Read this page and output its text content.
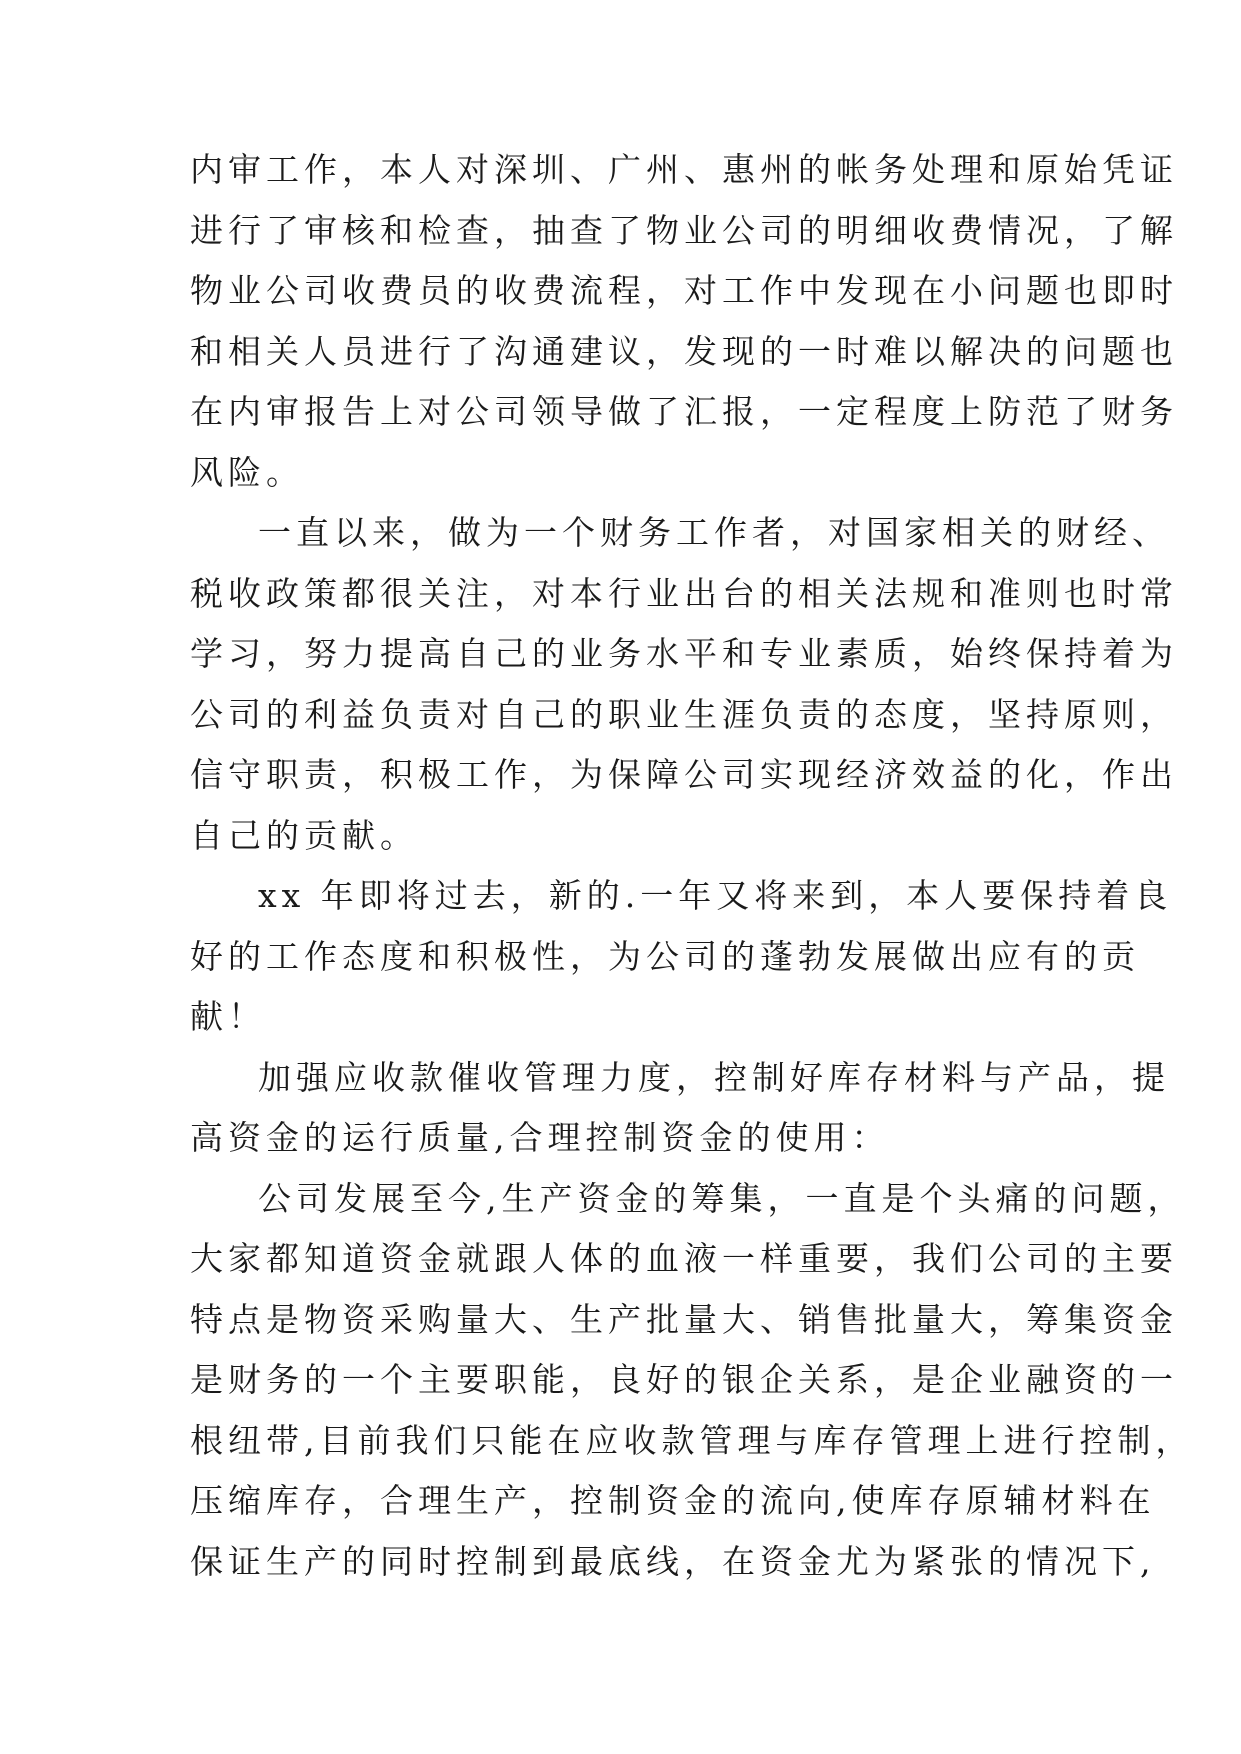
内审工作，本人对深圳、广州、惠州的帐务处理和原始凭证
进行了审核和检查，抽查了物业公司的明细收费情况，了解
物业公司收费员的收费流程，对工作中发现在小问题也即时
和相关人员进行了沟通建议，发现的一时难以解决的问题也
在内审报告上对公司领导做了汇报，一定程度上防范了财务
风险。
一直以来，做为一个财务工作者，对国家相关的财经、
税收政策都很关注，对本行业出台的相关法规和准则也时常
学习，努力提高自己的业务水平和专业素质，始终保持着为
公司的利益负责对自己的职业生涯负责的态度，坚持原则，
信守职责，积极工作，为保障公司实现经济效益的化，作出
自己的贡献。
xx 年即将过去，新的.一年又将来到，本人要保持着良
好的工作态度和积极性，为公司的蓬勃发展做出应有的贡
献！
加强应收款催收管理力度，控制好库存材料与产品，提
高资金的运行质量,合理控制资金的使用：
公司发展至今,生产资金的筹集，一直是个头痛的问题，
大家都知道资金就跟人体的血液一样重要，我们公司的主要
特点是物资采购量大、生产批量大、销售批量大，筹集资金
是财务的一个主要职能，良好的银企关系，是企业融资的一
根纽带,目前我们只能在应收款管理与库存管理上进行控制，
压缩库存，合理生产，控制资金的流向,使库存原辅材料在
保证生产的同时控制到最底线，在资金尤为紧张的情况下,
